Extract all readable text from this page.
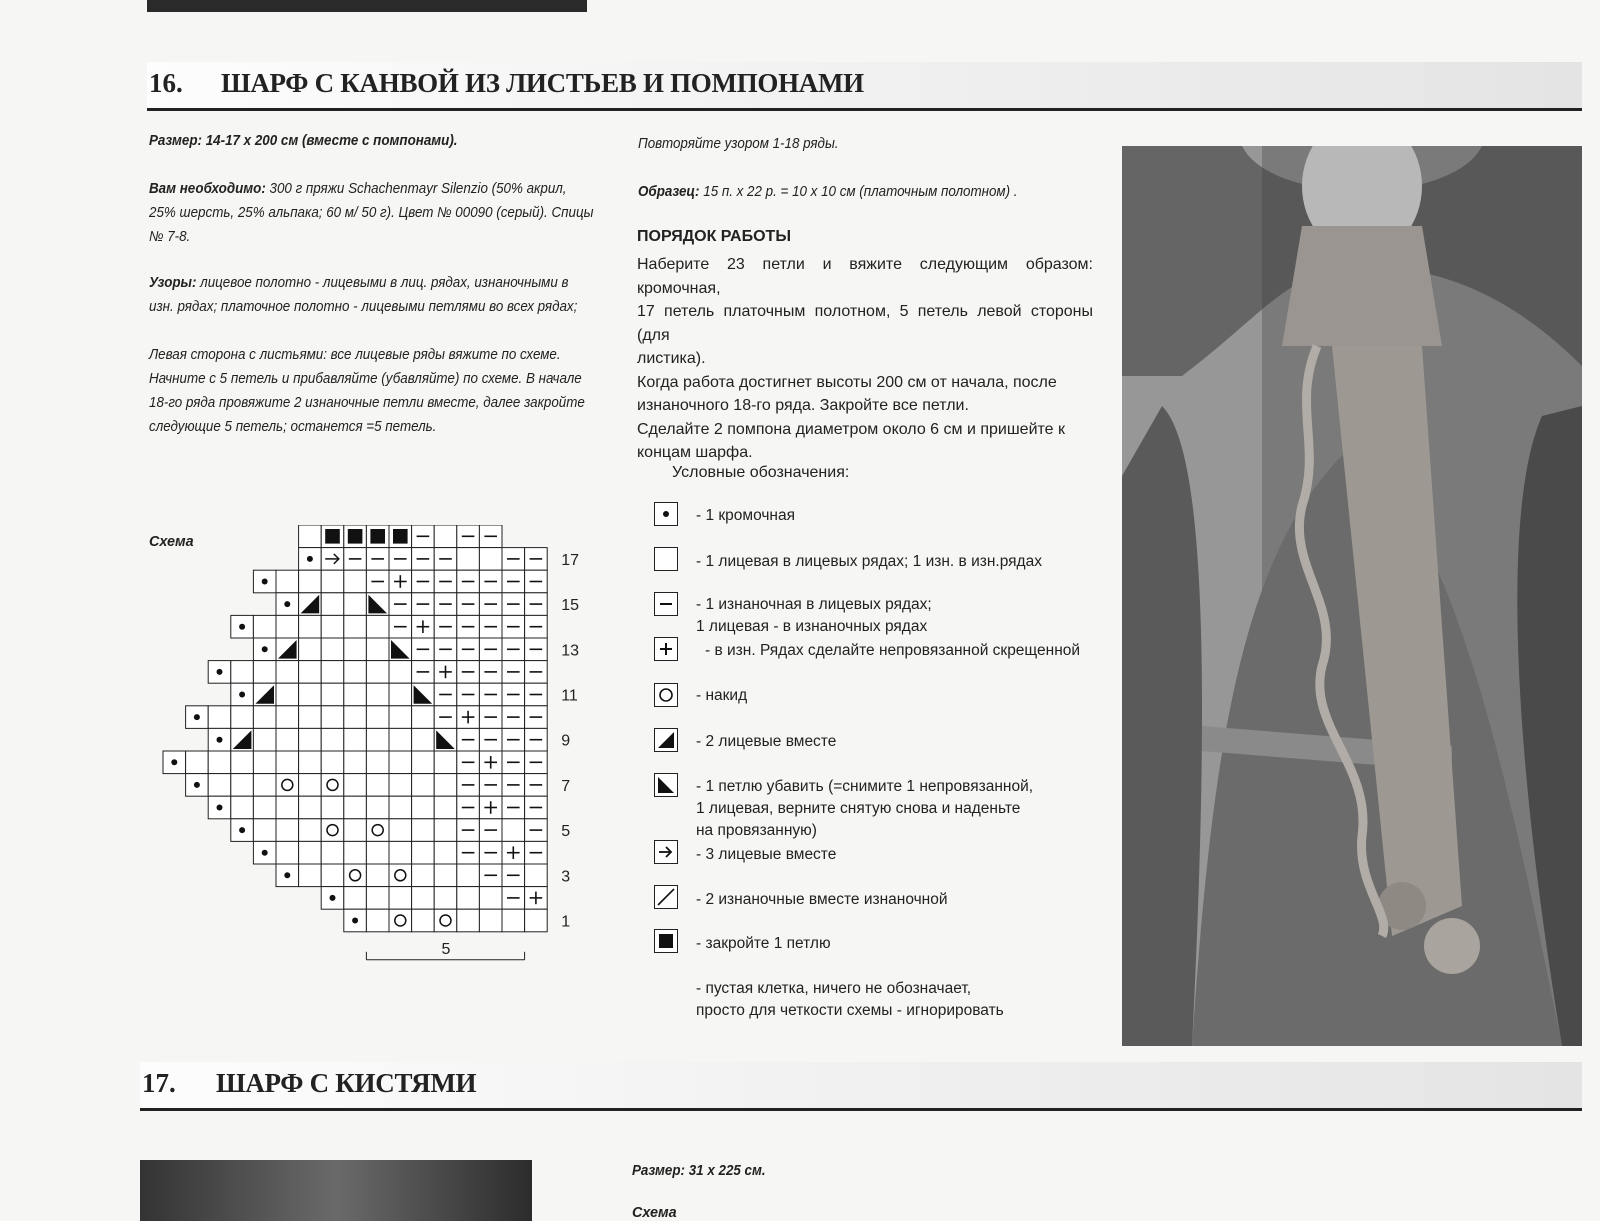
16. ШАРФ С КАНВОЙ ИЗ ЛИСТЬЕВ И ПОМПОНАМИ
Размер: 14-17 х 200 см (вместе с помпонами).
Вам необходимо: 300 г пряжи Schachenmayr Silenzio (50% акрил,
25% шерсть, 25% альпака; 60 м/ 50 г). Цвет № 00090 (серый). Спицы
№ 7-8.
Узоры: лицевое полотно - лицевыми в лиц. рядах, изнаночными в
изн. рядах; платочное полотно - лицевыми петлями во всех рядах;
Левая сторона с листьями: все лицевые ряды вяжите по схеме.
Начните с 5 петель и прибавляйте (убавляйте) по схеме. В начале
18-го ряда провяжите 2 изнаночные петли вместе, далее закройте
следующие 5 петель; останется =5 петель.
Схема
17
15
13
11
9
7
5
3
1
5
Повторяйте узором 1-18 ряды.
Образец: 15 п. х 22 р. = 10 х 10 см (платочным полотном) .
ПОРЯДОК РАБОТЫ
Наберите 23 петли и вяжите следующим образом: кромочная,
17 петель платочным полотном, 5 петель левой стороны (для
листика).
Когда работа достигнет высоты 200 см от начала, после
изнаночного 18-го ряда. Закройте все петли.
Сделайте 2 помпона диаметром около 6 см и пришейте к
концам шарфа.
Условные обозначения:
- 1 кромочная
- 1 лицевая в лицевых рядах; 1 изн. в изн.рядах
- 1 изнаночная в лицевых рядах;
1 лицевая - в изнаночных рядах
- в изн. Рядах сделайте непровязанной скрещенной
- накид
- 2 лицевые вместе
- 1 петлю убавить (=снимите 1 непровязанной,
1 лицевая, верните снятую снова и наденьте
на провязанную)
- 3 лицевые вместе
- 2 изнаночные вместе изнаночной
- закройте 1 петлю
- пустая клетка, ничего не обозначает,
просто для четкости схемы - игнорировать
17. ШАРФ С КИСТЯМИ
Размер: 31 х 225 см.
Схема
